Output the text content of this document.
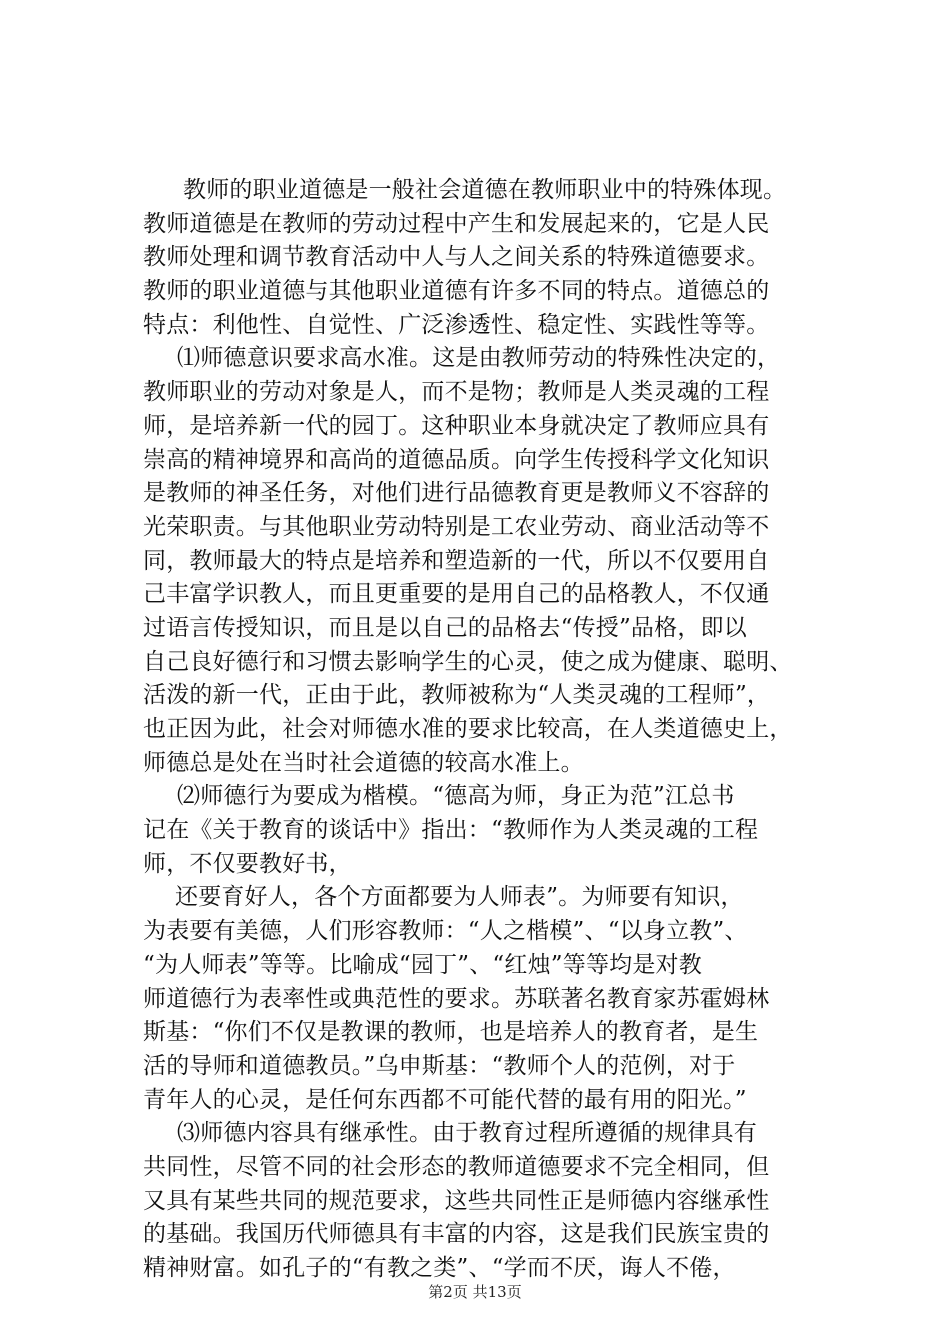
教师的职业道德是一般社会道德在教师职业中的特殊体现。
教师道德是在教师的劳动过程中产生和发展起来的，它是人民
教师处理和调节教育活动中人与人之间关系的特殊道德要求。
教师的职业道德与其他职业道德有许多不同的特点。道德总的
特点：利他性、自觉性、广泛渗透性、稳定性、实践性等等。
⑴师德意识要求高水准。这是由教师劳动的特殊性决定的，
教师职业的劳动对象是人，而不是物；教师是人类灵魂的工程
师，是培养新一代的园丁。这种职业本身就决定了教师应具有
崇高的精神境界和高尚的道德品质。向学生传授科学文化知识
是教师的神圣任务，对他们进行品德教育更是教师义不容辞的
光荣职责。与其他职业劳动特别是工农业劳动、商业活动等不
同，教师最大的特点是培养和塑造新的一代，所以不仅要用自
己丰富学识教人，而且更重要的是用自己的品格教人，不仅通
过语言传授知识，而且是以自己的品格去“传授”品格，即以
自己良好德行和习惯去影响学生的心灵，使之成为健康、聪明、
活泼的新一代，正由于此，教师被称为“人类灵魂的工程师”，
也正因为此，社会对师德水准的要求比较高，在人类道德史上，
师德总是处在当时社会道德的较高水准上。
⑵师德行为要成为楷模。“德高为师，身正为范”江总书
记在《关于教育的谈话中》指出：“教师作为人类灵魂的工程
师，不仅要教好书，
还要育好人，各个方面都要为人师表”。为师要有知识，
为表要有美德，人们形容教师：“人之楷模”、“以身立教”、
“为人师表”等等。比喻成“园丁”、“红烛”等等均是对教
师道德行为表率性或典范性的要求。苏联著名教育家苏霍姆林
斯基：“你们不仅是教课的教师，也是培养人的教育者，是生
活的导师和道德教员。”乌申斯基：“教师个人的范例，对于
青年人的心灵，是任何东西都不可能代替的最有用的阳光。”
⑶师德内容具有继承性。由于教育过程所遵循的规律具有
共同性，尽管不同的社会形态的教师道德要求不完全相同，但
又具有某些共同的规范要求，这些共同性正是师德内容继承性
的基础。我国历代师德具有丰富的内容，这是我们民族宝贵的
精神财富。如孔子的“有教之类”、“学而不厌，诲人不倦，
第2页 共13页
